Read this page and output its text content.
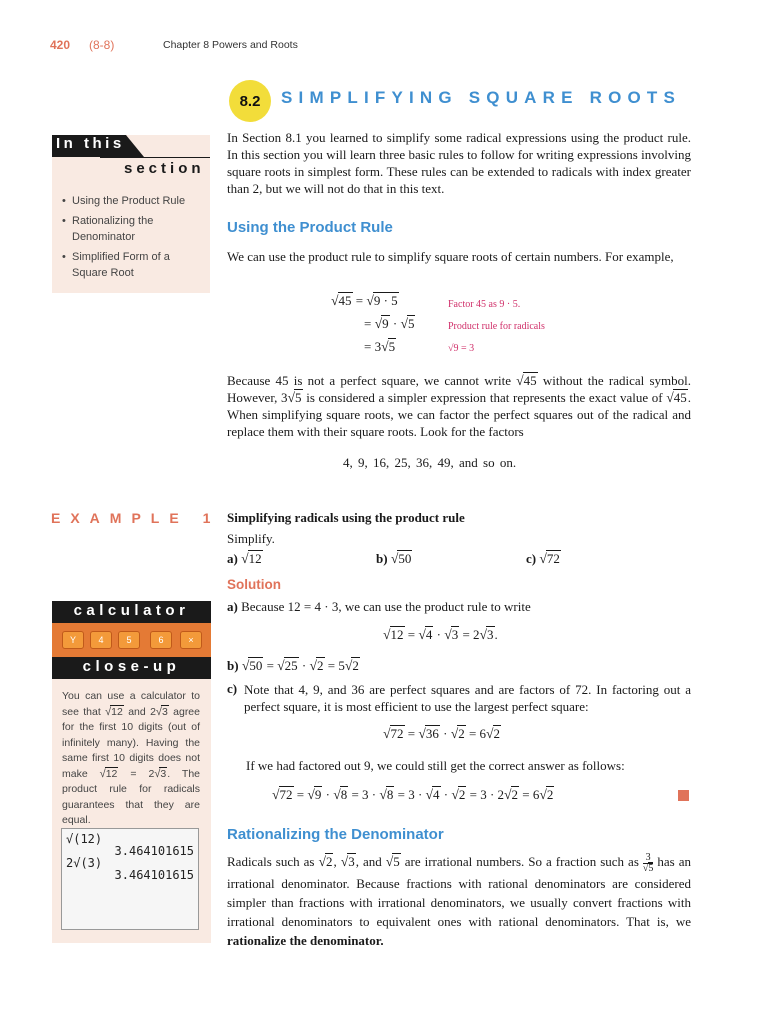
420 (8-8)	Chapter 8 Powers and Roots
8.2	SIMPLIFYING SQUARE ROOTS
In this
section
• Using the Product Rule
• Rationalizing the Denominator
• Simplified Form of a Square Root
In Section 8.1 you learned to simplify some radical expressions using the product rule. In this section you will learn three basic rules to follow for writing expressions involving square roots in simplest form. These rules can be extended to radicals with index greater than 2, but we will not do that in this text.
Using the Product Rule
We can use the product rule to simplify square roots of certain numbers. For example,
√45 = √9 · 5	Factor 45 as 9 · 5.
= √9 · √5	Product rule for radicals
= 3√5	√9 = 3
Because 45 is not a perfect square, we cannot write √45 without the radical symbol. However, 3√5 is considered a simpler expression that represents the exact value of √45. When simplifying square roots, we can factor the perfect squares out of the radical and replace them with their square roots. Look for the factors
4, 9, 16, 25, 36, 49, and so on.
EXAMPLE 1 Simplifying radicals using the product rule
Simplify.
a) √12	b) √50	c) √72
Solution
a) Because 12 = 4 · 3, we can use the product rule to write
√12 = √4 · √3 = 2√3.
b) √50 = √25 · √2 = 5√2
c) Note that 4, 9, and 36 are perfect squares and are factors of 72. In factoring out a perfect square, it is most efficient to use the largest perfect square:
√72 = √36 · √2 = 6√2
If we had factored out 9, we could still get the correct answer as follows:
√72 = √9 · √8 = 3 · √8 = 3 · √4 · √2 = 3 · 2√2 = 6√2
calculator
Y	4	5	6	×
close-up
You can use a calculator to see that √12 and 2√3 agree for the first 10 digits (out of infinitely many). Having the same first 10 digits does not make √12 = 2√3. The product rule for radicals guarantees that they are equal.
√(12)
3.464101615
2√(3)
3.464101615
Rationalizing the Denominator
Radicals such as √2, √3, and √5 are irrational numbers. So a fraction such as $\frac{3}{√5}$ has an irrational denominator. Because fractions with rational denominators are considered simpler than fractions with irrational denominators, we usually convert fractions with irrational denominators to equivalent ones with rational denominators. That is, we rationalize the denominator.
